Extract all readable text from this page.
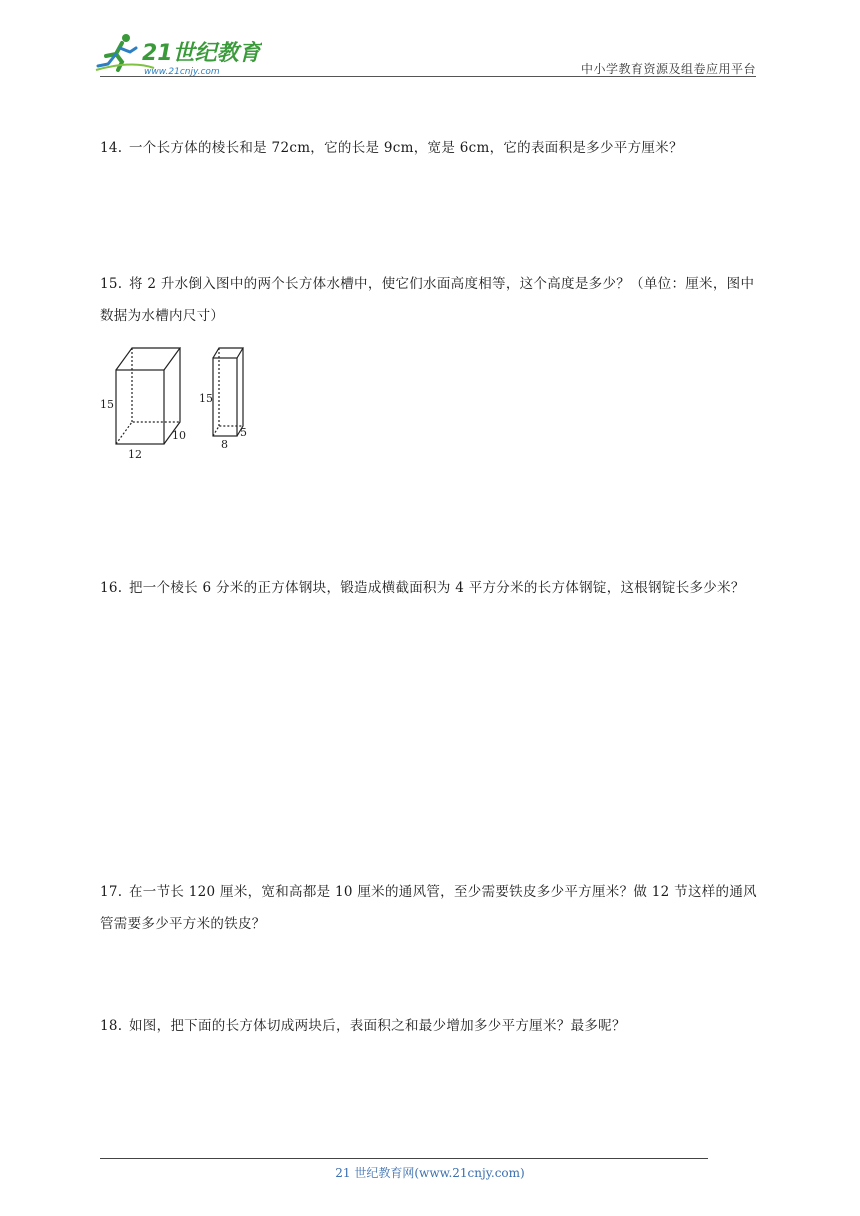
21世纪教育
www.21cnjy.com	中小学教育资源及组卷应用平台
14. 一个长方体的棱长和是 72cm，它的长是 9cm，宽是 6cm，它的表面积是多少平方厘米？
15. 将 2 升水倒入图中的两个长方体水槽中，使它们水面高度相等，这个高度是多少？（单位：厘米，图中数据为水槽内尺寸）
15
10
12
15
5
8
16. 把一个棱长 6 分米的正方体钢块，锻造成横截面积为 4 平方分米的长方体钢锭，这根钢锭长多少米？
17. 在一节长 120 厘米，宽和高都是 10 厘米的通风管，至少需要铁皮多少平方厘米？做 12 节这样的通风管需要多少平方米的铁皮？
18. 如图，把下面的长方体切成两块后，表面积之和最少增加多少平方厘米？最多呢？
21 世纪教育网(www.21cnjy.com)
